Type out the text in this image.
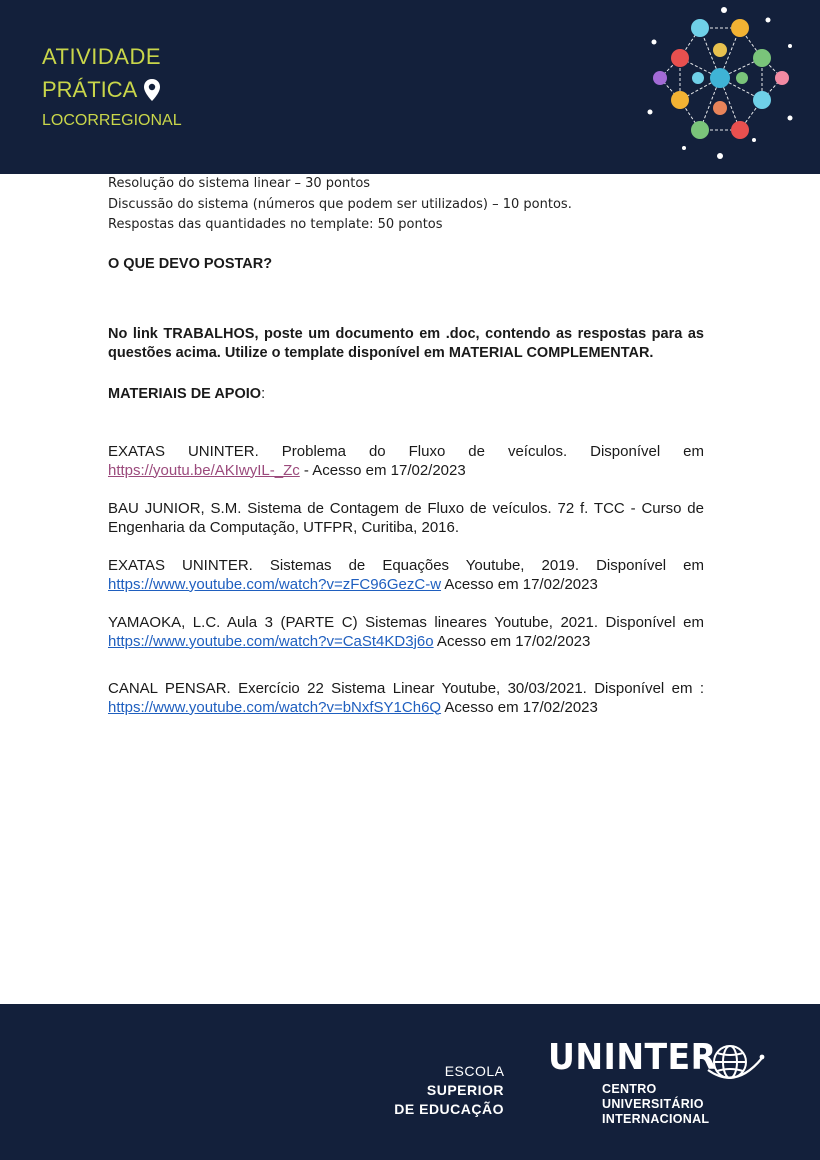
ATIVIDADE
PRÁTICA
LOCORREGIONAL

Resolução do sistema linear – 30 pontos

Discussão do sistema (números que podem ser utilizados) – 10 pontos.

Respostas das quantidades no template: 50 pontos

O QUE DEVO POSTAR?

No link TRABALHOS, poste um documento em .doc, contendo as respostas para as questões acima. Utilize o template disponível em MATERIAL COMPLEMENTAR.

MATERIAIS DE APOIO:

EXATAS UNINTER. Problema do Fluxo de veículos. Disponível em https://youtu.be/AKIwyIL-_Zc - Acesso em 17/02/2023

BAU JUNIOR, S.M. Sistema de Contagem de Fluxo de veículos. 72 f. TCC - Curso de Engenharia da Computação, UTFPR, Curitiba, 2016.

EXATAS UNINTER. Sistemas de Equações Youtube, 2019. Disponível em https://www.youtube.com/watch?v=zFC96GezC-w Acesso em 17/02/2023

YAMAOKA, L.C. Aula 3 (PARTE C) Sistemas lineares Youtube, 2021. Disponível em https://www.youtube.com/watch?v=CaSt4KD3j6o Acesso em 17/02/2023

CANAL PENSAR. Exercício 22 Sistema Linear Youtube, 30/03/2021. Disponível em : https://www.youtube.com/watch?v=bNxfSY1Ch6Q Acesso em 17/02/2023

ESCOLA SUPERIOR
DE EDUCAÇÃO
UNINTER
CENTRO
UNIVERSITÁRIO
INTERNACIONAL
